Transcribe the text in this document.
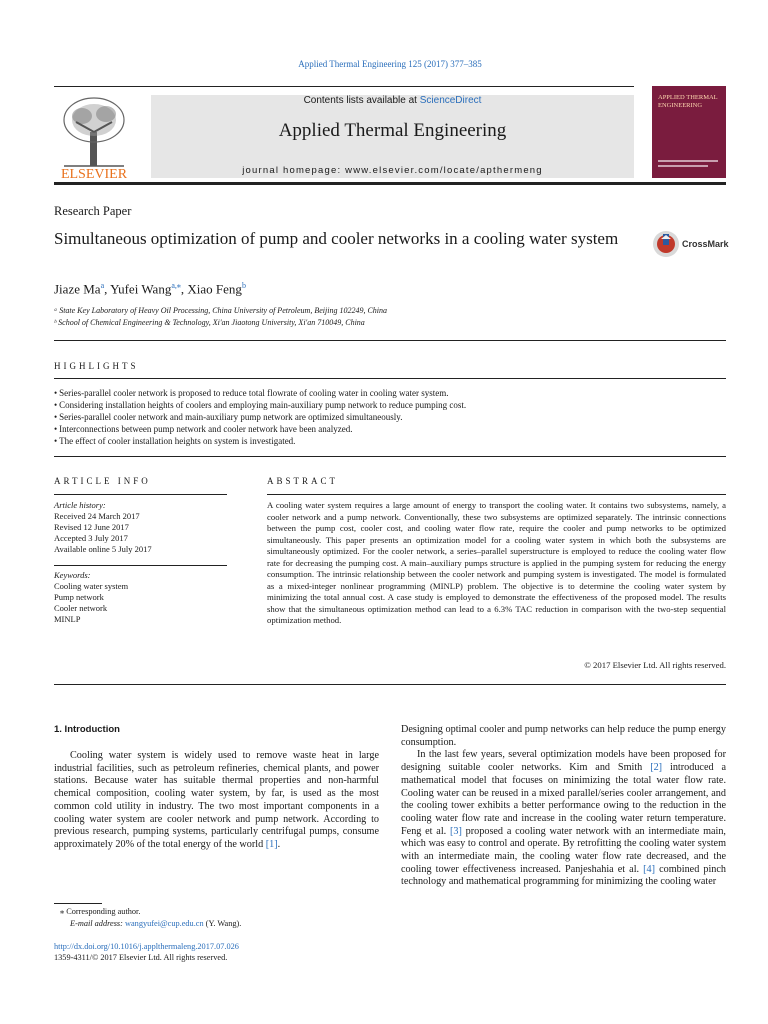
Applied Thermal Engineering 125 (2017) 377–385
ELSEVIER
Contents lists available at ScienceDirect
Applied Thermal Engineering
journal homepage: www.elsevier.com/locate/apthermeng
APPLIED THERMAL ENGINEERING
Research Paper
Simultaneous optimization of pump and cooler networks in a cooling water system	CrossMark
Jiaze Ma$^a$, Yufei Wang$^{a,⁎}$, Xiao Feng$^b$
ᵃ State Key Laboratory of Heavy Oil Processing, China University of Petroleum, Beijing 102249, China
ᵇ School of Chemical Engineering & Technology, Xi'an Jiaotong University, Xi'an 710049, China
HIGHLIGHTS
• Series-parallel cooler network is proposed to reduce total flowrate of cooling water in cooling water system.
• Considering installation heights of coolers and employing main-auxiliary pump network to reduce pumping cost.
• Series-parallel cooler network and main-auxiliary pump network are optimized simultaneously.
• Interconnections between pump network and cooler network have been analyzed.
• The effect of cooler installation heights on system is investigated.
ARTICLE INFO	ABSTRACT
Article history:
Received 24 March 2017
Revised 12 June 2017
Accepted 3 July 2017
Available online 5 July 2017
Keywords:
Cooling water system
Pump network
Cooler network
MINLP

A cooling water system requires a large amount of energy to transport the cooling water. It contains two subsystems, namely, a cooler network and a pump network. Conventionally, these two subsystems are optimized separately. The intrinsic connections between the pump cost, cooler cost, and cooling water flow rate, require the cooler and pump networks to be optimized simultaneously. This paper presents an optimization model for a cooling water system in which both the subsystems are simultaneously optimized. For the cooler network, a series–parallel superstructure is employed to reduce the cooling water flow rate for decreasing the pumping cost. A main–auxiliary pumps structure is applied in the pumping system for reducing the energy consumption. The intrinsic relationship between the cooler network and pumping system is investigated. The model is formulated as a mixed-integer nonlinear programming (MINLP) problem. The objective is to determine the cooling water system by minimizing the total annual cost. A case study is employed to demonstrate the effectiveness of the proposed model. The results show that the simultaneous optimization method can lead to a 6.3% TAC reduction in comparison with the two-step sequential optimization method.

© 2017 Elsevier Ltd. All rights reserved.
1. Introduction

Cooling water system is widely used to remove waste heat in large industrial facilities, such as petroleum refineries, chemical plants, and power stations. Because water has suitable thermal properties and non-harmful chemical composition, cooling water system, by far, is used as the most common cold utility in industry. The two most important components in a cooling water system are cooler network and pump network. According to previous research, pumping systems, particularly centrifugal pumps, consume approximately 20% of the total energy of the world [1].

Designing optimal cooler and pump networks can help reduce the pump energy consumption.

In the last few years, several optimization models have been proposed for designing suitable cooler networks. Kim and Smith [2] introduced a mathematical model that focuses on minimizing the total water flow rate. Cooling water can be reused in a mixed parallel/series cooler arrangement, and the cooling tower exhibits a better performance owing to the reduction in the cooling water flow rate and increase in the cooling water return temperature. Feng et al. [3] proposed a cooling water network with an intermediate main, which was easy to control and operate. By retrofitting the cooling water system with an intermediate main, the cooling water flow rate decreased, and the cooling tower effectiveness increased. Panjeshahia et al. [4] combined pinch technology and mathematical programming for minimizing the cooling water

⁎ Corresponding author.
E-mail address: wangyufei@cup.edu.cn (Y. Wang).
http://dx.doi.org/10.1016/j.applthermaleng.2017.07.026
1359-4311/© 2017 Elsevier Ltd. All rights reserved.
